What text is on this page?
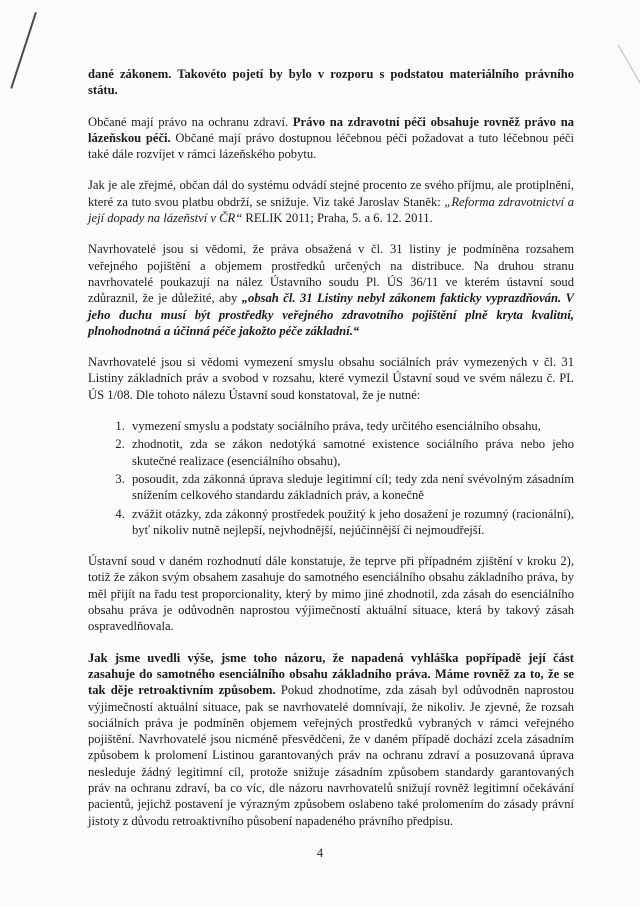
dané zákonem. Takovéto pojetí by bylo v rozporu s podstatou materiálního právního státu.

Občané mají právo na ochranu zdraví. Právo na zdravotní péči obsahuje rovněž právo na lázeňskou péči. Občané mají právo dostupnou léčebnou péči požadovat a tuto léčebnou péči také dále rozvíjet v rámci lázeňského pobytu.

Jak je ale zřejmé, občan dál do systému odvádí stejné procento ze svého příjmu, ale protiplnění, které za tuto svou platbu obdrží, se snižuje. Viz také Jaroslav Staněk: „Reforma zdravotnictví a její dopady na lázeňství v ČR“ RELIK 2011; Praha, 5. a 6. 12. 2011.

Navrhovatelé jsou si vědomi, že práva obsažená v čl. 31 listiny je podmíněna rozsahem veřejného pojištění a objemem prostředků určených na distribuce. Na druhou stranu navrhovatelé poukazují na nález Ústavního soudu Pl. ÚS 36/11 ve kterém ústavní soud zdůraznil, že je důležité, aby „obsah čl. 31 Listiny nebyl zákonem fakticky vyprazdňován. V jeho duchu musí být prostředky veřejného zdravotního pojištění plně kryta kvalitní, plnohodnotná a účinná péče jakožto péče základní.“

Navrhovatelé jsou si vědomi vymezení smyslu obsahu sociálních práv vymezených v čl. 31 Listiny základních práv a svobod v rozsahu, které vymezil Ústavní soud ve svém nálezu č. PL ÚS 1/08. Dle tohoto nálezu Ústavní soud konstatoval, že je nutné:

1. vymezení smyslu a podstaty sociálního práva, tedy určitého esenciálního obsahu,
2. zhodnotit, zda se zákon nedotýká samotné existence sociálního práva nebo jeho skutečné realizace (esenciálního obsahu),
3. posoudit, zda zákonná úprava sleduje legitimní cíl; tedy zda není svévolným zásadním snížením celkového standardu základních práv, a konečně
4. zvážit otázky, zda zákonný prostředek použitý k jeho dosažení je rozumný (racionální), byť nikoliv nutně nejlepší, nejvhodnější, nejúčinnější či nejmoudřejší.

Ústavní soud v daném rozhodnutí dále konstatuje, že teprve při případném zjištění v kroku 2), totiž že zákon svým obsahem zasahuje do samotného esenciálního obsahu základního práva, by měl přijít na řadu test proporcionality, který by mimo jiné zhodnotil, zda zásah do esenciálního obsahu práva je odůvodněn naprostou výjimečností aktuální situace, která by takový zásah ospravedlňovala.

Jak jsme uvedli výše, jsme toho názoru, že napadená vyhláška popřípadě její část zasahuje do samotného esenciálního obsahu základního práva. Máme rovněž za to, že se tak děje retroaktivním způsobem. Pokud zhodnotíme, zda zásah byl odůvodněn naprostou výjimečností aktuální situace, pak se navrhovatelé domnívají, že nikoliv. Je zjevné, že rozsah sociálních práva je podmíněn objemem veřejných prostředků vybraných v rámci veřejného pojištění. Navrhovatelé jsou nicméně přesvědčeni, že v daném případě dochází zcela zásadním způsobem k prolomení Listinou garantovaných práv na ochranu zdraví a posuzovaná úprava nesleduje žádný legitimní cíl, protože snižuje zásadním způsobem standardy garantovaných práv na ochranu zdraví, ba co víc, dle názoru navrhovatelů snižují rovněž legitimní očekávání pacientů, jejichž postavení je výrazným způsobem oslabeno také prolomením do zásady právní jistoty z důvodu retroaktivního působení napadeného právního předpisu.

4
